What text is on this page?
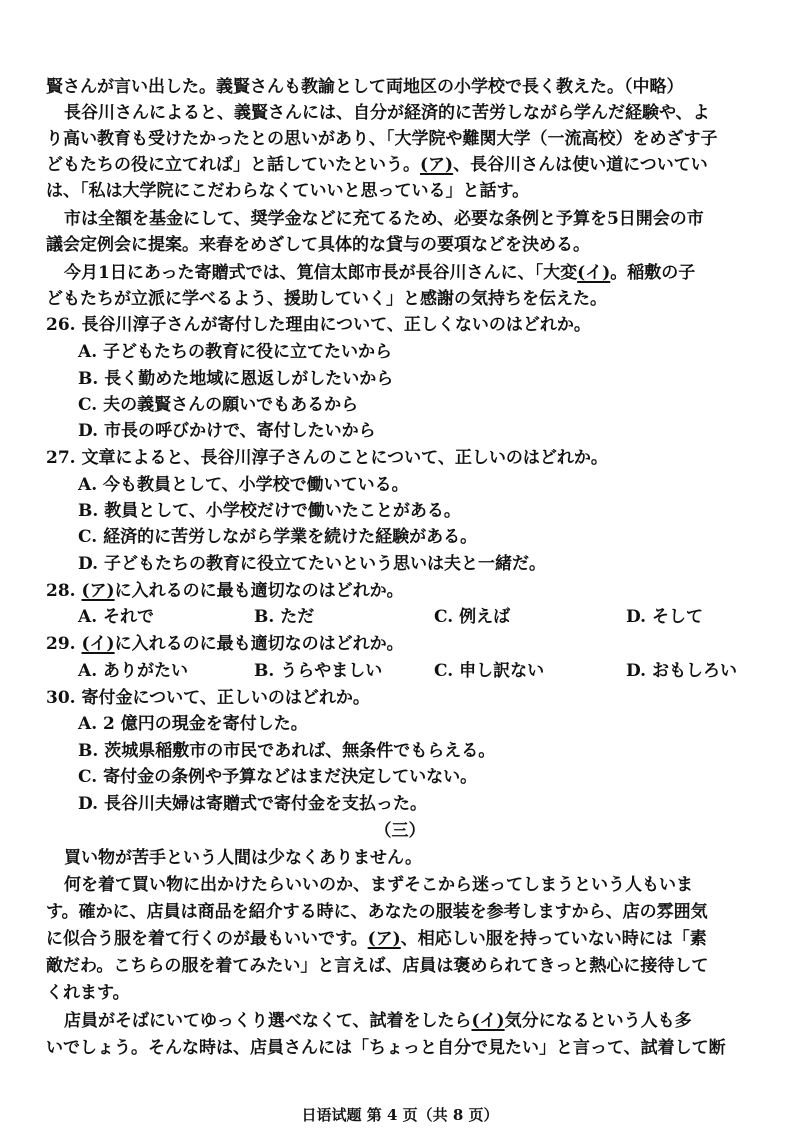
賢さんが言い出した。義賢さんも教諭として両地区の小学校で長く教えた。（中略）
長谷川さんによると、義賢さんには、自分が経済的に苦労しながら学んだ経験や、よ
り高い教育も受けたかったとの思いがあり、「大学院や難関大学（一流高校）をめざす子
どもたちの役に立てれば」と話していたという。(ア)、長谷川さんは使い道についてい
は、「私は大学院にこだわらなくていいと思っている」と話す。
市は全額を基金にして、奨学金などに充てるため、必要な条例と予算を5日開会の市
議会定例会に提案。来春をめざして具体的な貸与の要項などを決める。
今月1日にあった寄贈式では、筧信太郎市長が長谷川さんに、「大変(イ)。稲敷の子
どもたちが立派に学べるよう、援助していく」と感謝の気持ちを伝えた。
26. 長谷川淳子さんが寄付した理由について、正しくないのはどれか。
A. 子どもたちの教育に役に立てたいから
B. 長く勤めた地域に恩返しがしたいから
C. 夫の義賢さんの願いでもあるから
D. 市長の呼びかけで、寄付したいから
27. 文章によると、長谷川淳子さんのことについて、正しいのはどれか。
A. 今も教員として、小学校で働いている。
B. 教員として、小学校だけで働いたことがある。
C. 経済的に苦労しながら学業を続けた経験がある。
D. 子どもたちの教育に役立てたいという思いは夫と一緒だ。
28. (ア)に入れるのに最も適切なのはどれか。
A. それで	B. ただ	C. 例えば	D. そして
29. (イ)に入れるのに最も適切なのはどれか。
A. ありがたい	B. うらやましい	C. 申し訳ない	D. おもしろい
30. 寄付金について、正しいのはどれか。
A. 2 億円の現金を寄付した。
B. 茨城県稲敷市の市民であれば、無条件でもらえる。
C. 寄付金の条例や予算などはまだ決定していない。
D. 長谷川夫婦は寄贈式で寄付金を支払った。
（三）
買い物が苦手という人間は少なくありません。
何を着て買い物に出かけたらいいのか、まずそこから迷ってしまうという人もいま
す。確かに、店員は商品を紹介する時に、あなたの服装を参考しますから、店の雰囲気
に似合う服を着て行くのが最もいいです。(ア)、相応しい服を持っていない時には「素
敵だわ。こちらの服を着てみたい」と言えば、店員は褒められてきっと熱心に接待して
くれます。
店員がそばにいてゆっくり選べなくて、試着をしたら(イ)気分になるという人も多
いでしょう。そんな時は、店員さんには「ちょっと自分で見たい」と言って、試着して断
日语试题 第 4 页（共 8 页）
